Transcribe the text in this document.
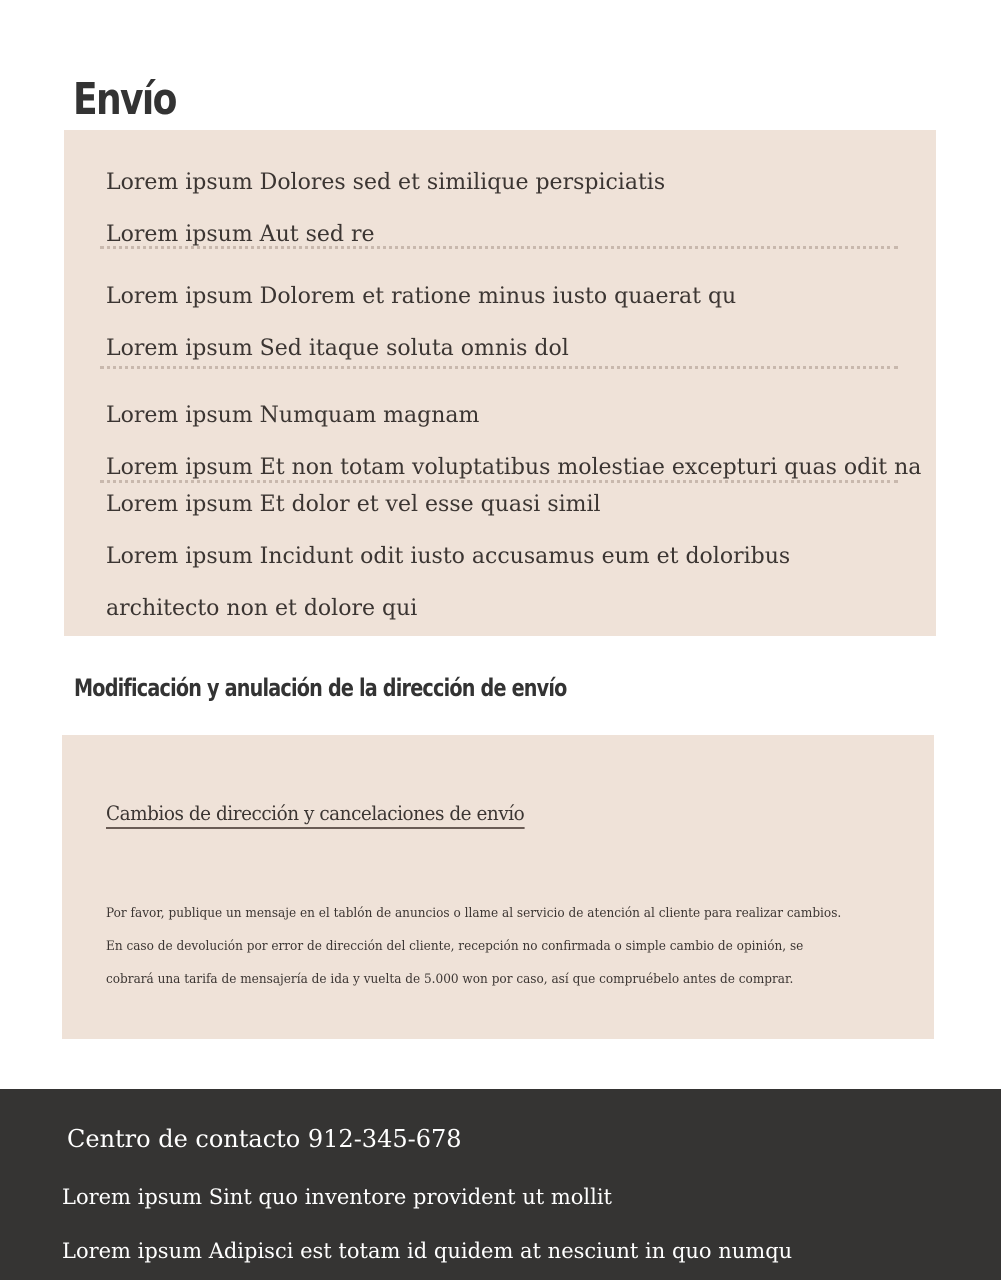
Envío
Lorem ipsum Dolores sed et similique perspiciatis
Lorem ipsum Aut sed re
Lorem ipsum Dolorem et ratione minus iusto quaerat qu
Lorem ipsum Sed itaque soluta omnis dol
Lorem ipsum Numquam magnam
Lorem ipsum Et non totam voluptatibus molestiae excepturi quas odit na
Lorem ipsum Et dolor et vel esse quasi simil
Lorem ipsum Incidunt odit iusto accusamus eum et doloribus
architecto non et dolore qui
Modificación y anulación de la dirección de envío
Cambios de dirección y cancelaciones de envío
Por favor, publique un mensaje en el tablón de anuncios o llame al servicio de atención al cliente para realizar cambios.
En caso de devolución por error de dirección del cliente, recepción no confirmada o simple cambio de opinión, se
cobrará una tarifa de mensajería de ida y vuelta de 5.000 won por caso, así que compruébelo antes de comprar.
Centro de contacto 912-345-678
Lorem ipsum Sint quo inventore provident ut mollit
Lorem ipsum Adipisci est totam id quidem at nesciunt in quo numqu
